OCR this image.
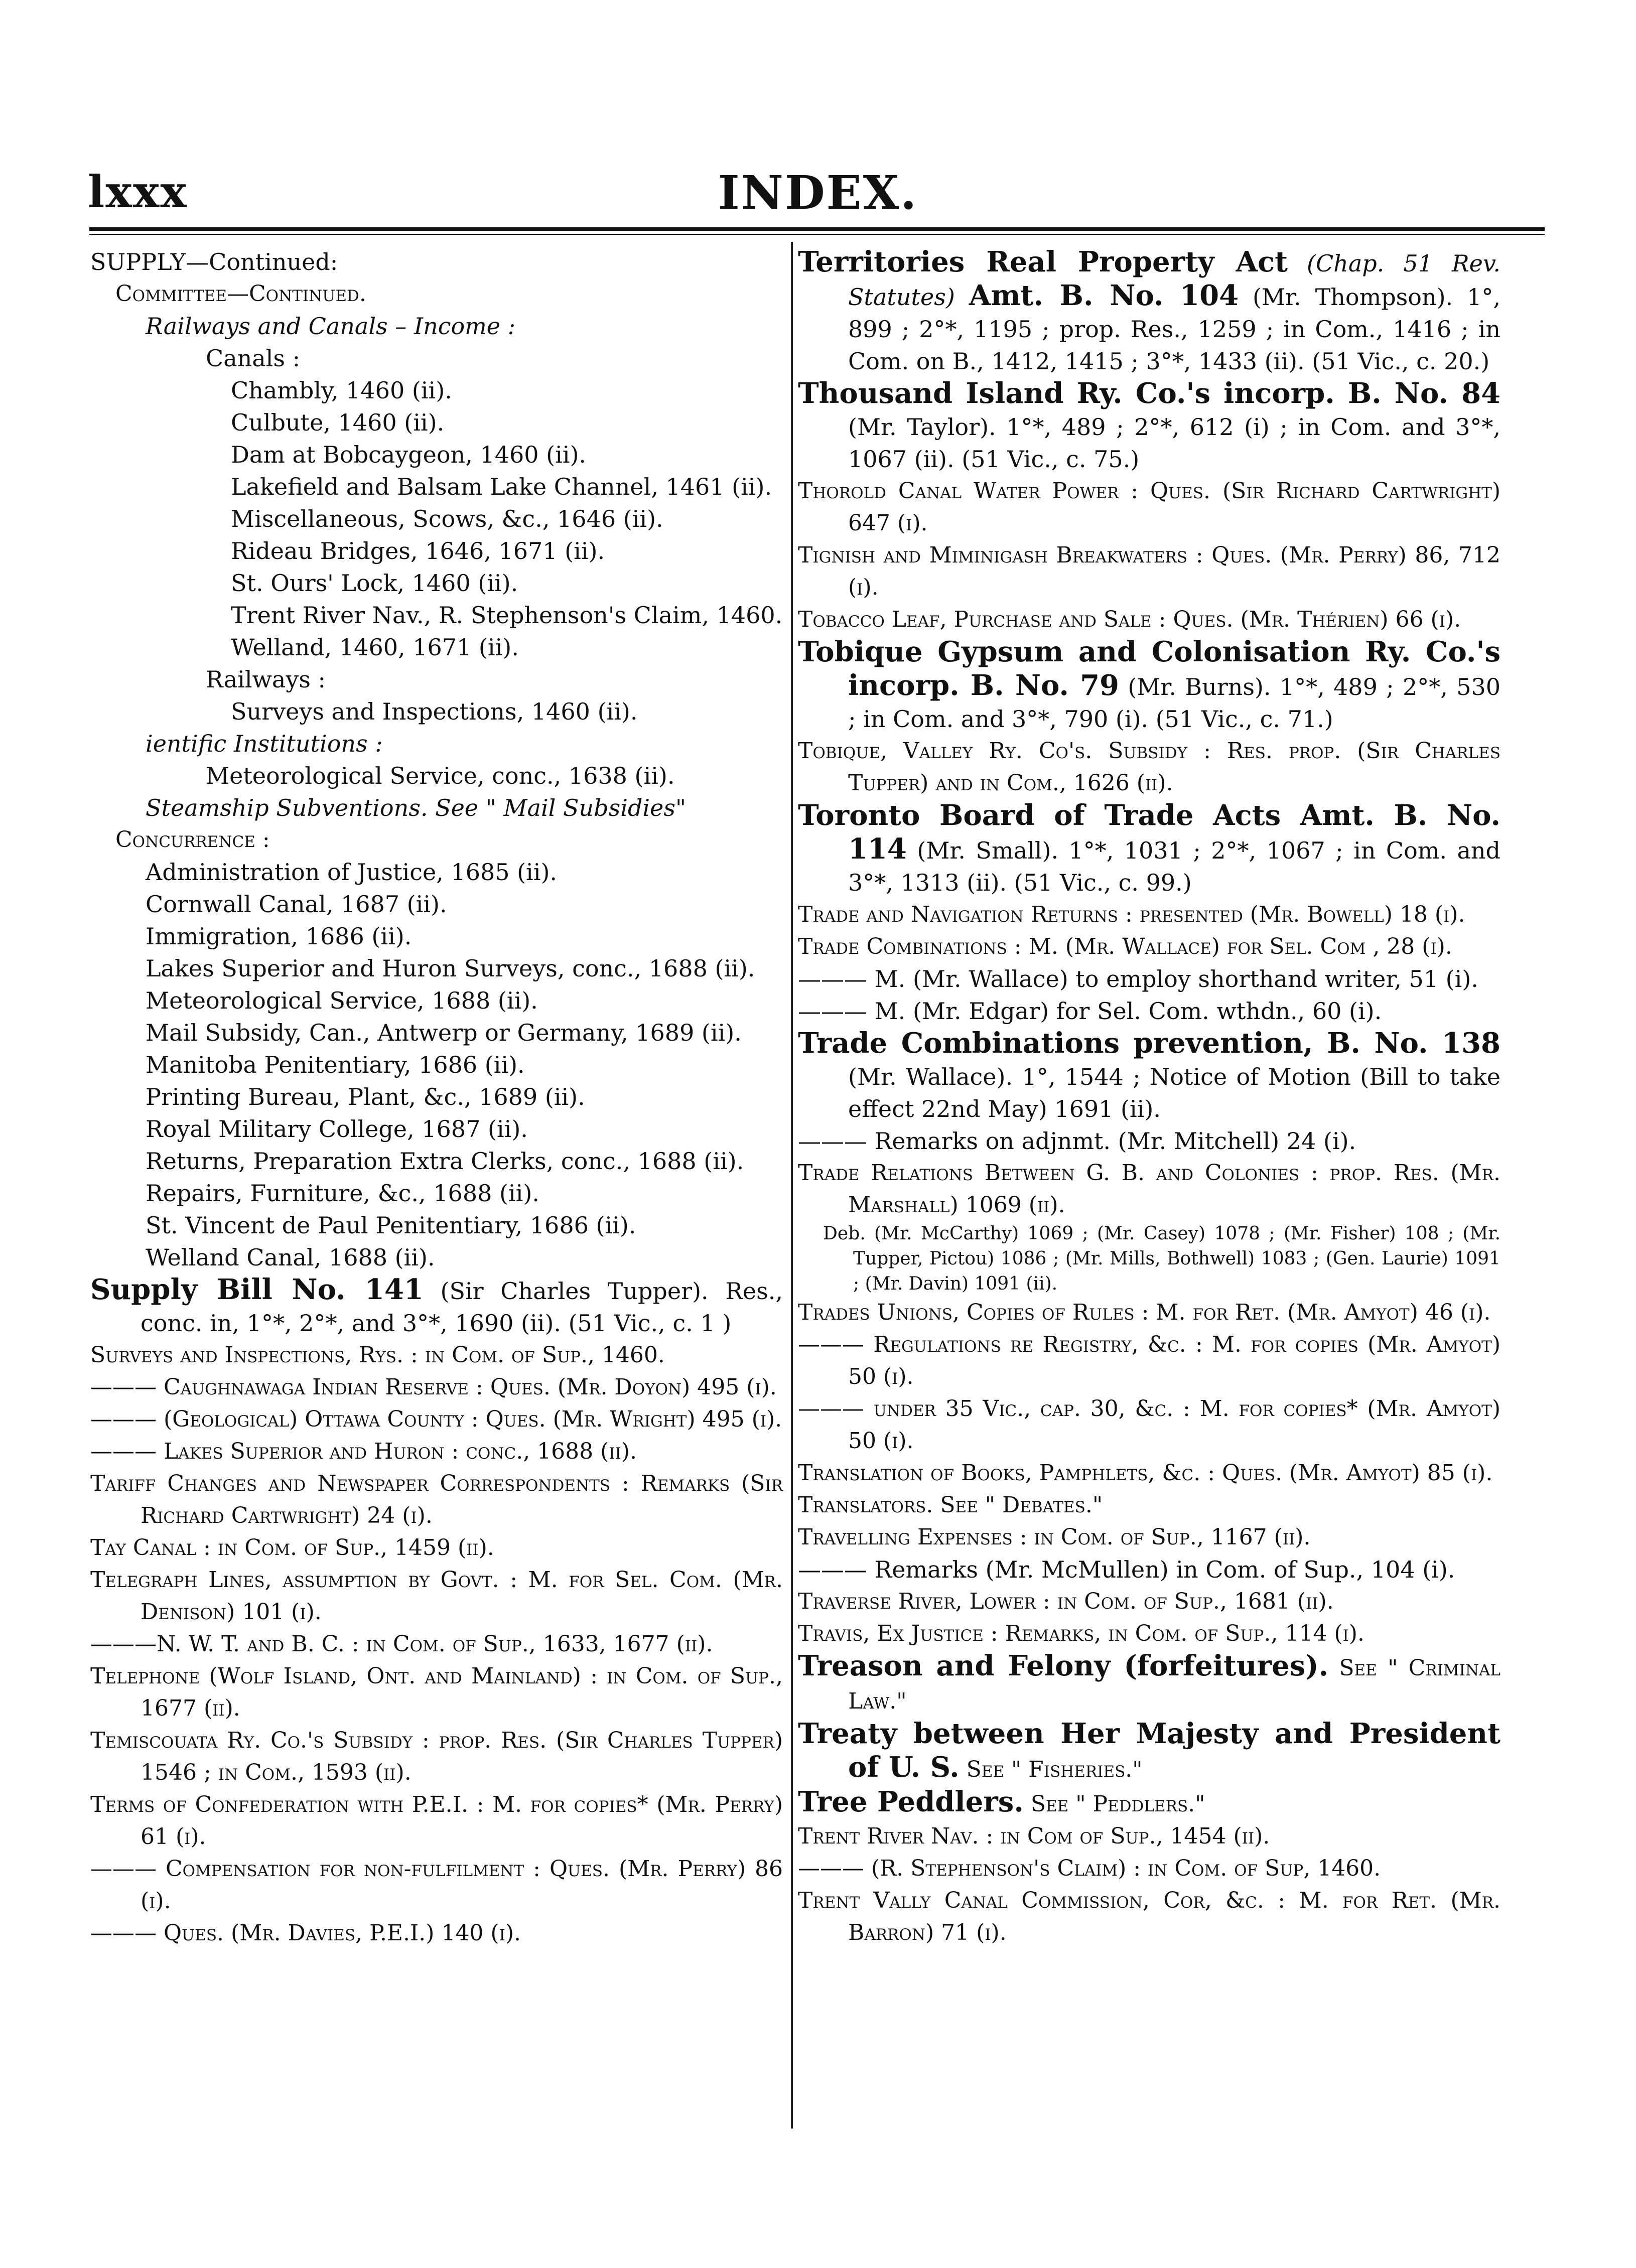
lxxx	INDEX.

SUPPLY—Continued:

Committee—Continued.

Railways and Canals – Income :

Canals :

Chambly, 1460 (ii).

Culbute, 1460 (ii).

Dam at Bobcaygeon, 1460 (ii).

Lakefield and Balsam Lake Channel, 1461 (ii).

Miscellaneous, Scows, &c., 1646 (ii).

Rideau Bridges, 1646, 1671 (ii).

St. Ours' Lock, 1460 (ii).

Trent River Nav., R. Stephenson's Claim, 1460.

Welland, 1460, 1671 (ii).

Railways :

Surveys and Inspections, 1460 (ii).

ientific Institutions :

Meteorological Service, conc., 1638 (ii).

Steamship Subventions. See " Mail Subsidies"

Concurrence :

Administration of Justice, 1685 (ii).

Cornwall Canal, 1687 (ii).

Immigration, 1686 (ii).

Lakes Superior and Huron Surveys, conc., 1688 (ii).

Meteorological Service, 1688 (ii).

Mail Subsidy, Can., Antwerp or Germany, 1689 (ii).

Manitoba Penitentiary, 1686 (ii).

Printing Bureau, Plant, &c., 1689 (ii).

Royal Military College, 1687 (ii).

Returns, Preparation Extra Clerks, conc., 1688 (ii).

Repairs, Furniture, &c., 1688 (ii).

St. Vincent de Paul Penitentiary, 1686 (ii).

Welland Canal, 1688 (ii).

Supply Bill No. 141 (Sir Charles Tupper). Res., conc. in, 1°*, 2°*, and 3°*, 1690 (ii). (51 Vic., c. 1 )

Surveys and Inspections, Rys. : in Com. of Sup., 1460.

——— Caughnawaga Indian Reserve : Ques. (Mr. Doyon) 495 (i).

——— (Geological) Ottawa County : Ques. (Mr. Wright) 495 (i).

——— Lakes Superior and Huron : conc., 1688 (ii).

Tariff Changes and Newspaper Correspondents : Remarks (Sir Richard Cartwright) 24 (i).

Tay Canal : in Com. of Sup., 1459 (ii).

Telegraph Lines, assumption by Govt. : M. for Sel. Com. (Mr. Denison) 101 (i).

———N. W. T. and B. C. : in Com. of Sup., 1633, 1677 (ii).

Telephone (Wolf Island, Ont. and Mainland) : in Com. of Sup., 1677 (ii).

Temiscouata Ry. Co.'s Subsidy : prop. Res. (Sir Charles Tupper) 1546 ; in Com., 1593 (ii).

Terms of Confederation with P.E.I. : M. for copies* (Mr. Perry) 61 (i).

——— Compensation for non-fulfilment : Ques. (Mr. Perry) 86 (i).

——— Ques. (Mr. Davies, P.E.I.) 140 (i).

Territories Real Property Act (Chap. 51 Rev. Statutes) Amt. B. No. 104 (Mr. Thompson). 1°, 899 ; 2°*, 1195 ; prop. Res., 1259 ; in Com., 1416 ; in Com. on B., 1412, 1415 ; 3°*, 1433 (ii). (51 Vic., c. 20.)

Thousand Island Ry. Co.'s incorp. B. No. 84 (Mr. Taylor). 1°*, 489 ; 2°*, 612 (i) ; in Com. and 3°*, 1067 (ii). (51 Vic., c. 75.)

Thorold Canal Water Power : Ques. (Sir Richard Cartwright) 647 (i).

Tignish and Miminigash Breakwaters : Ques. (Mr. Perry) 86, 712 (i).

Tobacco Leaf, Purchase and Sale : Ques. (Mr. Thérien) 66 (i).

Tobique Gypsum and Colonisation Ry. Co.'s incorp. B. No. 79 (Mr. Burns). 1°*, 489 ; 2°*, 530 ; in Com. and 3°*, 790 (i). (51 Vic., c. 71.)

Tobique, Valley Ry. Co's. Subsidy : Res. prop. (Sir Charles Tupper) and in Com., 1626 (ii).

Toronto Board of Trade Acts Amt. B. No. 114 (Mr. Small). 1°*, 1031 ; 2°*, 1067 ; in Com. and 3°*, 1313 (ii). (51 Vic., c. 99.)

Trade and Navigation Returns : presented (Mr. Bowell) 18 (i).

Trade Combinations : M. (Mr. Wallace) for Sel. Com , 28 (i).

——— M. (Mr. Wallace) to employ shorthand writer, 51 (i).

——— M. (Mr. Edgar) for Sel. Com. wthdn., 60 (i).

Trade Combinations prevention, B. No. 138 (Mr. Wallace). 1°, 1544 ; Notice of Motion (Bill to take effect 22nd May) 1691 (ii).

——— Remarks on adjnmt. (Mr. Mitchell) 24 (i).

Trade Relations Between G. B. and Colonies : prop. Res. (Mr. Marshall) 1069 (ii).

Deb. (Mr. McCarthy) 1069 ; (Mr. Casey) 1078 ; (Mr. Fisher) 108 ; (Mr. Tupper, Pictou) 1086 ; (Mr. Mills, Bothwell) 1083 ; (Gen. Laurie) 1091 ; (Mr. Davin) 1091 (ii).

Trades Unions, Copies of Rules : M. for Ret. (Mr. Amyot) 46 (i).

——— Regulations re Registry, &c. : M. for copies (Mr. Amyot) 50 (i).

——— under 35 Vic., cap. 30, &c. : M. for copies* (Mr. Amyot) 50 (i).

Translation of Books, Pamphlets, &c. : Ques. (Mr. Amyot) 85 (i).

Translators. See " Debates."

Travelling Expenses : in Com. of Sup., 1167 (ii).

——— Remarks (Mr. McMullen) in Com. of Sup., 104 (i).

Traverse River, Lower : in Com. of Sup., 1681 (ii).

Travis, Ex Justice : Remarks, in Com. of Sup., 114 (i).

Treason and Felony (forfeitures). See " Criminal Law."

Treaty between Her Majesty and President of U. S. See " Fisheries."

Tree Peddlers. See " Peddlers."

Trent River Nav. : in Com of Sup., 1454 (ii).

——— (R. Stephenson's Claim) : in Com. of Sup, 1460.

Trent Vally Canal Commission, Cor, &c. : M. for Ret. (Mr. Barron) 71 (i).
